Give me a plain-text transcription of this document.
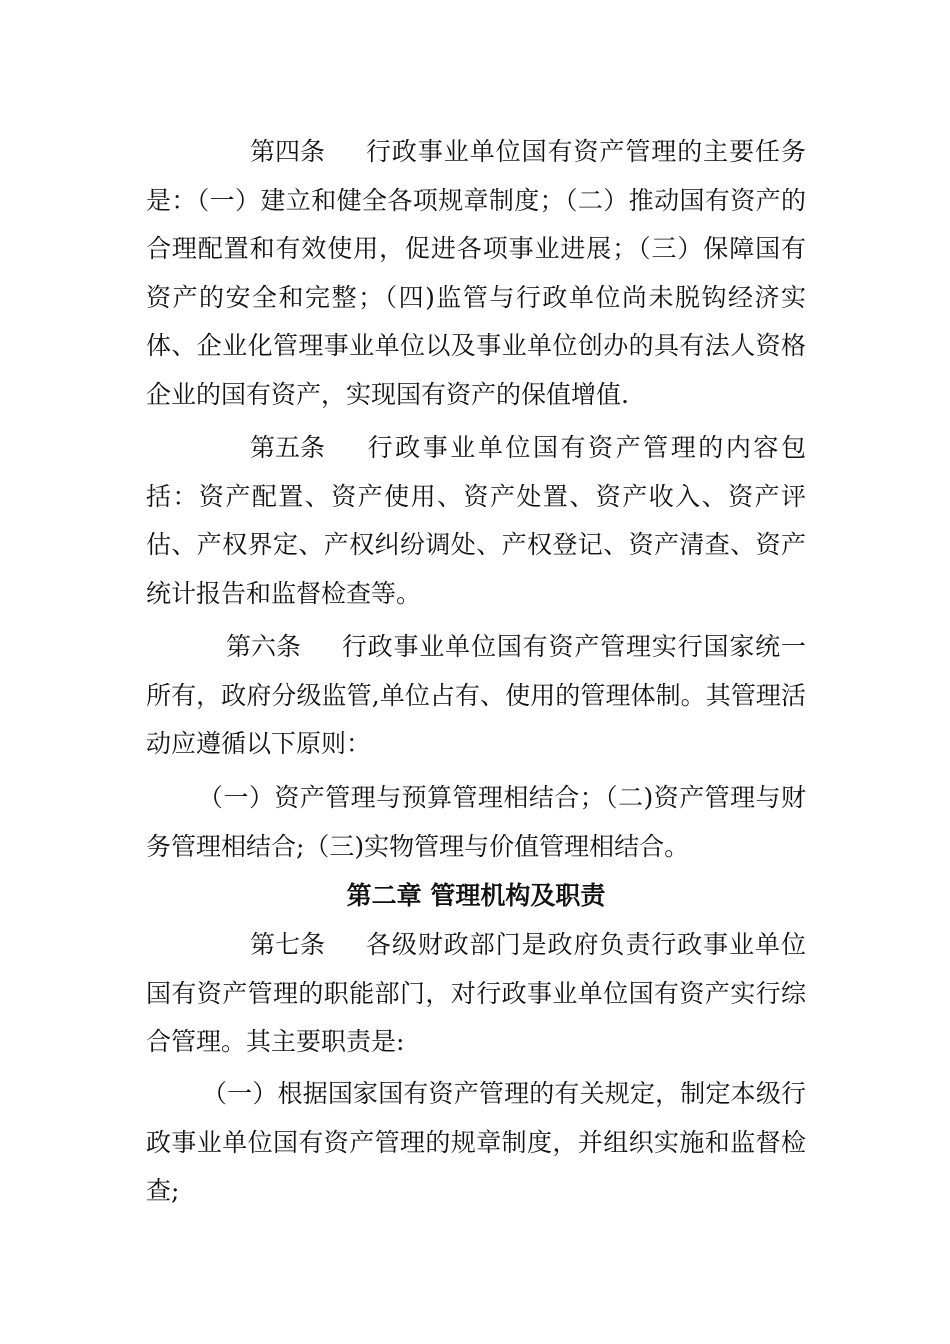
第四条 行政事业单位国有资产管理的主要任务是：（一）建立和健全各项规章制度；（二）推动国有资产的合理配置和有效使用，促进各项事业进展；（三）保障国有资产的安全和完整；（四)监管与行政单位尚未脱钩经济实体、企业化管理事业单位以及事业单位创办的具有法人资格企业的国有资产，实现国有资产的保值增值.

第五条 行政事业单位国有资产管理的内容包括：资产配置、资产使用、资产处置、资产收入、资产评估、产权界定、产权纠纷调处、产权登记、资产清查、资产统计报告和监督检查等。

第六条 行政事业单位国有资产管理实行国家统一所有，政府分级监管,单位占有、使用的管理体制。其管理活动应遵循以下原则：

（一）资产管理与预算管理相结合；（二)资产管理与财务管理相结合;（三)实物管理与价值管理相结合。

第二章 管理机构及职责

第七条 各级财政部门是政府负责行政事业单位国有资产管理的职能部门，对行政事业单位国有资产实行综合管理。其主要职责是:

（一）根据国家国有资产管理的有关规定，制定本级行政事业单位国有资产管理的规章制度，并组织实施和监督检查;
